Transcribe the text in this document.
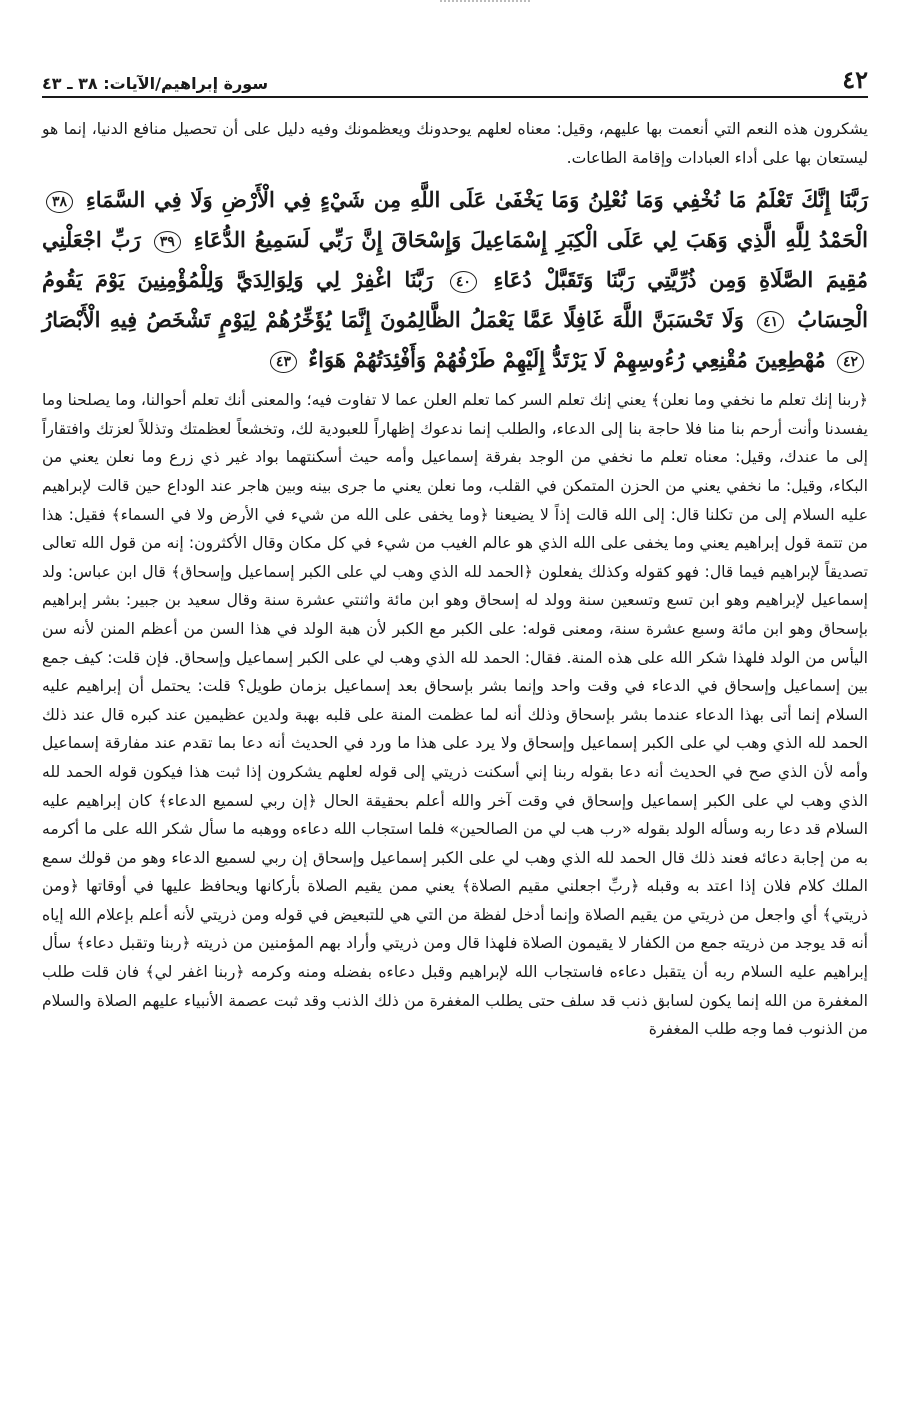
٤٢
سورة إبراهيم/الآيات: ٣٨ ـ ٤٣

يشكرون هذه النعم التي أنعمت بها عليهم، وقيل: معناه لعلهم يوحدونك ويعظمونك وفيه دليل على أن تحصيل منافع الدنيا، إنما هو ليستعان بها على أداء العبادات وإقامة الطاعات.

رَبَّنَا إِنَّكَ تَعْلَمُ مَا نُخْفِي وَمَا نُعْلِنُ وَمَا يَخْفَىٰ عَلَى اللَّهِ مِن شَيْءٍ فِي الْأَرْضِ وَلَا فِي السَّمَاءِ ٣٨ الْحَمْدُ لِلَّهِ الَّذِي وَهَبَ لِي عَلَى الْكِبَرِ إِسْمَاعِيلَ وَإِسْحَاقَ إِنَّ رَبِّي لَسَمِيعُ الدُّعَاءِ ٣٩ رَبِّ اجْعَلْنِي مُقِيمَ الصَّلَاةِ وَمِن ذُرِّيَّتِي رَبَّنَا وَتَقَبَّلْ دُعَاءِ ٤٠ رَبَّنَا اغْفِرْ لِي وَلِوَالِدَيَّ وَلِلْمُؤْمِنِينَ يَوْمَ يَقُومُ الْحِسَابُ ٤١ وَلَا تَحْسَبَنَّ اللَّهَ غَافِلًا عَمَّا يَعْمَلُ الظَّالِمُونَ إِنَّمَا يُؤَخِّرُهُمْ لِيَوْمٍ تَشْخَصُ فِيهِ الْأَبْصَارُ ٤٢ مُهْطِعِينَ مُقْنِعِي رُءُوسِهِمْ لَا يَرْتَدُّ إِلَيْهِمْ طَرْفُهُمْ وَأَفْئِدَتُهُمْ هَوَاءٌ ٤٣

﴿ربنا إنك تعلم ما نخفي وما نعلن﴾ يعني إنك تعلم السر كما تعلم العلن عما لا تفاوت فيه؛ والمعنى أنك تعلم أحوالنا، وما يصلحنا وما يفسدنا وأنت أرحم بنا منا فلا حاجة بنا إلى الدعاء، والطلب إنما ندعوك إظهاراً للعبودية لك، وتخشعاً لعظمتك وتذللاً لعزتك وافتقاراً إلى ما عندك، وقيل: معناه تعلم ما نخفي من الوجد بفرقة إسماعيل وأمه حيث أسكنتهما بواد غير ذي زرع وما نعلن يعني من البكاء، وقيل: ما نخفي يعني من الحزن المتمكن في القلب، وما نعلن يعني ما جرى بينه وبين هاجر عند الوداع حين قالت لإبراهيم عليه السلام إلى من تكلنا قال: إلى الله قالت إذاً لا يضيعنا ﴿وما يخفى على الله من شيء في الأرض ولا في السماء﴾ فقيل: هذا من تتمة قول إبراهيم يعني وما يخفى على الله الذي هو عالم الغيب من شيء في كل مكان وقال الأكثرون: إنه من قول الله تعالى تصديقاً لإبراهيم فيما قال: فهو كقوله وكذلك يفعلون ﴿الحمد لله الذي وهب لي على الكبر إسماعيل وإسحاق﴾ قال ابن عباس: ولد إسماعيل لإبراهيم وهو ابن تسع وتسعين سنة وولد له إسحاق وهو ابن مائة واثنتي عشرة سنة وقال سعيد بن جبير: بشر إبراهيم بإسحاق وهو ابن مائة وسبع عشرة سنة، ومعنى قوله: على الكبر مع الكبر لأن هبة الولد في هذا السن من أعظم المنن لأنه سن اليأس من الولد فلهذا شكر الله على هذه المنة. فقال: الحمد لله الذي وهب لي على الكبر إسماعيل وإسحاق. فإن قلت: كيف جمع بين إسماعيل وإسحاق في الدعاء في وقت واحد وإنما بشر بإسحاق بعد إسماعيل بزمان طويل؟ قلت: يحتمل أن إبراهيم عليه السلام إنما أتى بهذا الدعاء عندما بشر بإسحاق وذلك أنه لما عظمت المنة على قلبه بهبة ولدين عظيمين عند كبره قال عند ذلك الحمد لله الذي وهب لي على الكبر إسماعيل وإسحاق ولا يرد على هذا ما ورد في الحديث أنه دعا بما تقدم عند مفارقة إسماعيل وأمه لأن الذي صح في الحديث أنه دعا بقوله ربنا إني أسكنت ذريتي إلى قوله لعلهم يشكرون إذا ثبت هذا فيكون قوله الحمد لله الذي وهب لي على الكبر إسماعيل وإسحاق في وقت آخر والله أعلم بحقيقة الحال ﴿إن ربي لسميع الدعاء﴾ كان إبراهيم عليه السلام قد دعا ربه وسأله الولد بقوله «رب هب لي من الصالحين» فلما استجاب الله دعاءه ووهبه ما سأل شكر الله على ما أكرمه به من إجابة دعائه فعند ذلك قال الحمد لله الذي وهب لي على الكبر إسماعيل وإسحاق إن ربي لسميع الدعاء وهو من قولك سمع الملك كلام فلان إذا اعتد به وقبله ﴿ربِّ اجعلني مقيم الصلاة﴾ يعني ممن يقيم الصلاة بأركانها ويحافظ عليها في أوقاتها ﴿ومن ذريتي﴾ أي واجعل من ذريتي من يقيم الصلاة وإنما أدخل لفظة من التي هي للتبعيض في قوله ومن ذريتي لأنه أعلم بإعلام الله إياه أنه قد يوجد من ذريته جمع من الكفار لا يقيمون الصلاة فلهذا قال ومن ذريتي وأراد بهم المؤمنين من ذريته ﴿ربنا وتقبل دعاء﴾ سأل إبراهيم عليه السلام ربه أن يتقبل دعاءه فاستجاب الله لإبراهيم وقبل دعاءه بفضله ومنه وكرمه ﴿ربنا اغفر لي﴾ فان قلت طلب المغفرة من الله إنما يكون لسابق ذنب قد سلف حتى يطلب المغفرة من ذلك الذنب وقد ثبت عصمة الأنبياء عليهم الصلاة والسلام من الذنوب فما وجه طلب المغفرة
